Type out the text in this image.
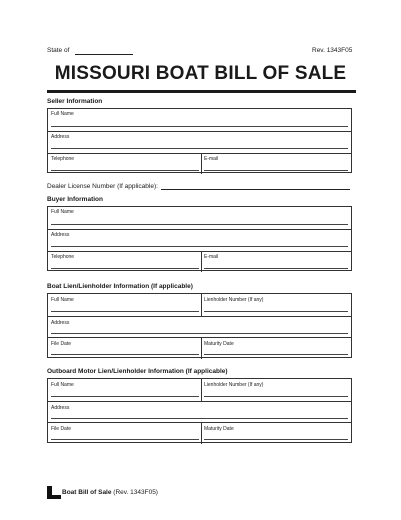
State of	Rev. 1343F05
MISSOURI BOAT BILL OF SALE
Seller Information
Full Name
Address
Telephone	E-mail
Dealer License Number (If applicable):
Buyer Information
Full Name
Address
Telephone	E-mail
Boat Lien/Lienholder Information (If applicable)
Full Name	Lienholder Number (If any)
Address
File Date	Maturity Date
Outboard Motor Lien/Lienholder Information (If applicable)
Full Name	Lienholder Number (If any)
Address
File Date	Maturity Date
Boat Bill of Sale (Rev. 1343F05)
